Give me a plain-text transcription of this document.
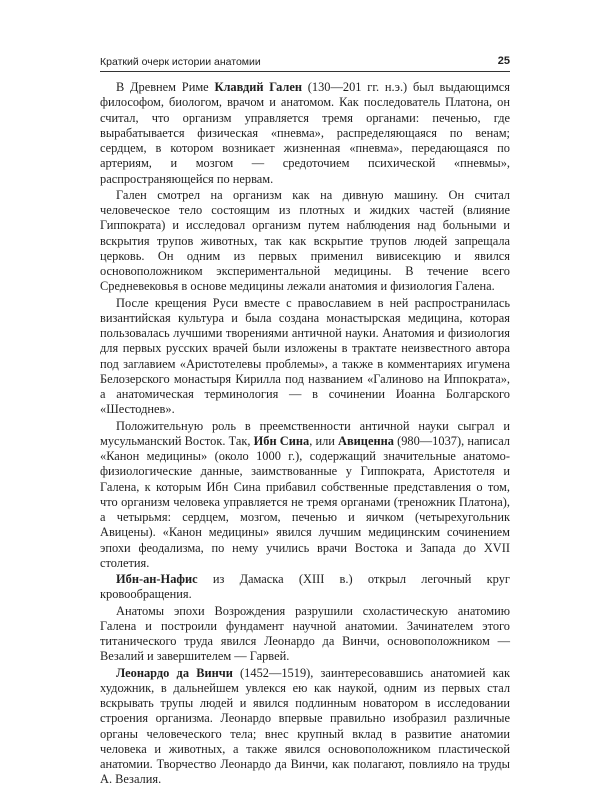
Краткий очерк истории анатомии	25

В Древнем Риме Клавдий Гален (130—201 гг. н.э.) был выдающимся философом, биологом, врачом и анатомом. Как последователь Платона, он считал, что организм управляется тремя органами: печенью, где вырабатывается физическая «пневма», распределяющаяся по венам; сердцем, в котором возникает жизненная «пневма», передающаяся по артериям, и мозгом — средоточием психической «пневмы», распространяющейся по нервам.

Гален смотрел на организм как на дивную машину. Он считал человеческое тело состоящим из плотных и жидких частей (влияние Гиппократа) и исследовал организм путем наблюдения над больными и вскрытия трупов животных, так как вскрытие трупов людей запрещала церковь. Он одним из первых применил вивисекцию и явился основоположником экспериментальной медицины. В течение всего Средневековья в основе медицины лежали анатомия и физиология Галена.

После крещения Руси вместе с православием в ней распространилась византийская культура и была создана монастырская медицина, которая пользовалась лучшими творениями античной науки. Анатомия и физиология для первых русских врачей были изложены в трактате неизвестного автора под заглавием «Аристотелевы проблемы», а также в комментариях игумена Белозерского монастыря Кирилла под названием «Галиново на Иппократа», а анатомическая терминология — в сочинении Иоанна Болгарского «Шестоднев».

Положительную роль в преемственности античной науки сыграл и мусульманский Восток. Так, Ибн Сина, или Авиценна (980—1037), написал «Канон медицины» (около 1000 г.), содержащий значительные анатомо-физиологические данные, заимствованные у Гиппократа, Аристотеля и Галена, к которым Ибн Сина прибавил собственные представления о том, что организм человека управляется не тремя органами (треножник Платона), а четырьмя: сердцем, мозгом, печенью и яичком (четырехугольник Авицены). «Канон медицины» явился лучшим медицинским сочинением эпохи феодализма, по нему учились врачи Востока и Запада до XVII столетия.

Ибн-ан-Нафис из Дамаска (XIII в.) открыл легочный круг кровообращения.

Анатомы эпохи Возрождения разрушили схоластическую анатомию Галена и построили фундамент научной анатомии. Зачинателем этого титанического труда явился Леонардо да Винчи, основоположником — Везалий и завершителем — Гарвей.

Леонардо да Винчи (1452—1519), заинтересовавшись анатомией как художник, в дальнейшем увлекся ею как наукой, одним из первых стал вскрывать трупы людей и явился подлинным новатором в исследовании строения организма. Леонардо впервые правильно изобразил различные органы человеческого тела; внес крупный вклад в развитие анатомии человека и животных, а также явился основоположником пластической анатомии. Творчество Леонардо да Винчи, как полагают, повлияло на труды А. Везалия.
